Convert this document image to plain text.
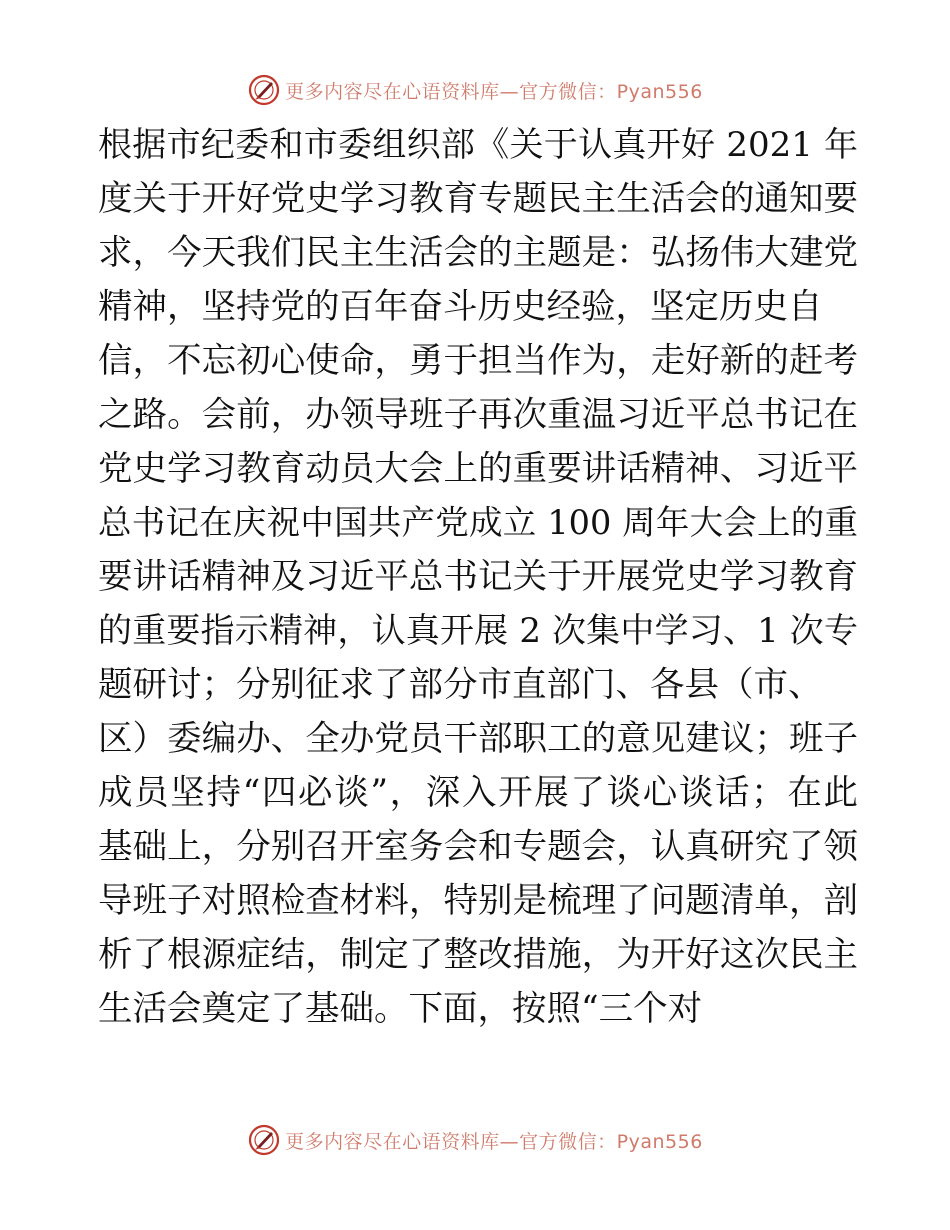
更多内容尽在心语资料库—官方微信：Pyan556
根据市纪委和市委组织部《关于认真开好 2021 年
度关于开好党史学习教育专题民主生活会的通知要
求，今天我们民主生活会的主题是：弘扬伟大建党
精神，坚持党的百年奋斗历史经验，坚定历史自
信，不忘初心使命，勇于担当作为，走好新的赶考
之路。会前，办领导班子再次重温习近平总书记在
党史学习教育动员大会上的重要讲话精神、习近平
总书记在庆祝中国共产党成立 100 周年大会上的重
要讲话精神及习近平总书记关于开展党史学习教育
的重要指示精神，认真开展 2 次集中学习、1 次专
题研讨；分别征求了部分市直部门、各县（市、
区）委编办、全办党员干部职工的意见建议；班子
成员坚持“四必谈”，深入开展了谈心谈话；在此
基础上，分别召开室务会和专题会，认真研究了领
导班子对照检查材料，特别是梳理了问题清单，剖
析了根源症结，制定了整改措施，为开好这次民主
生活会奠定了基础。下面，按照“三个对
更多内容尽在心语资料库—官方微信：Pyan556
